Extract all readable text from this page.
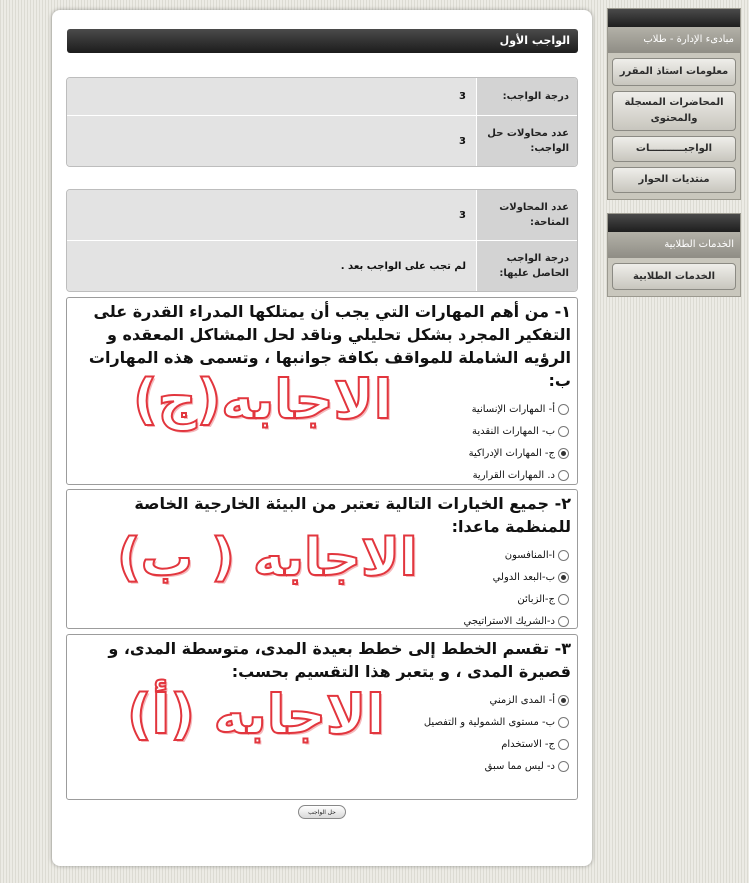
الواجب الأول
درجة الواجب:
3
عدد محاولات حل الواجب:
3
عدد المحاولات المتاحة:
3
درجة الواجب الحاصل عليها:
لم تجب على الواجب بعد .
١- من أهم المهارات التي يجب أن يمتلكها المدراء القدرة على التفكير المجرد بشكل تحليلي وناقد لحل المشاكل المعقده و الرؤيه الشاملة للمواقف بكافة جوانبها ، وتسمى هذه المهارات ب:
أ- المهارات الإنسانية
ب- المهارات النقدية
ج- المهارات الإدراكية
د. المهارات القرارية
الاجابه(ج)
٢- جميع الخيارات التالية تعتبر من البيئة الخارجية الخاصة للمنظمة ماعدا:
ا-المنافسون
ب-البعد الدولي
ج-الزبائن
د-الشريك الاستراتيجي
الاجابه ( ب)
٣- تقسم الخطط إلى خطط بعيدة المدى، متوسطة المدى، و قصيرة المدى ، و يتعبر هذا التقسيم بحسب:
أ- المدى الزمني
ب- مستوى الشمولية و التفصيل
ج- الاستخدام
د- ليس مما سبق
الاجابه (أ)
حل الواجب
مبادىء الإدارة - طلاب
معلومات استاذ المقرر
المحاضرات المسجلة والمحتوى
الواجبــــــــــات
منتديات الحوار
الخدمات الطلابية
الخدمات الطلابية
